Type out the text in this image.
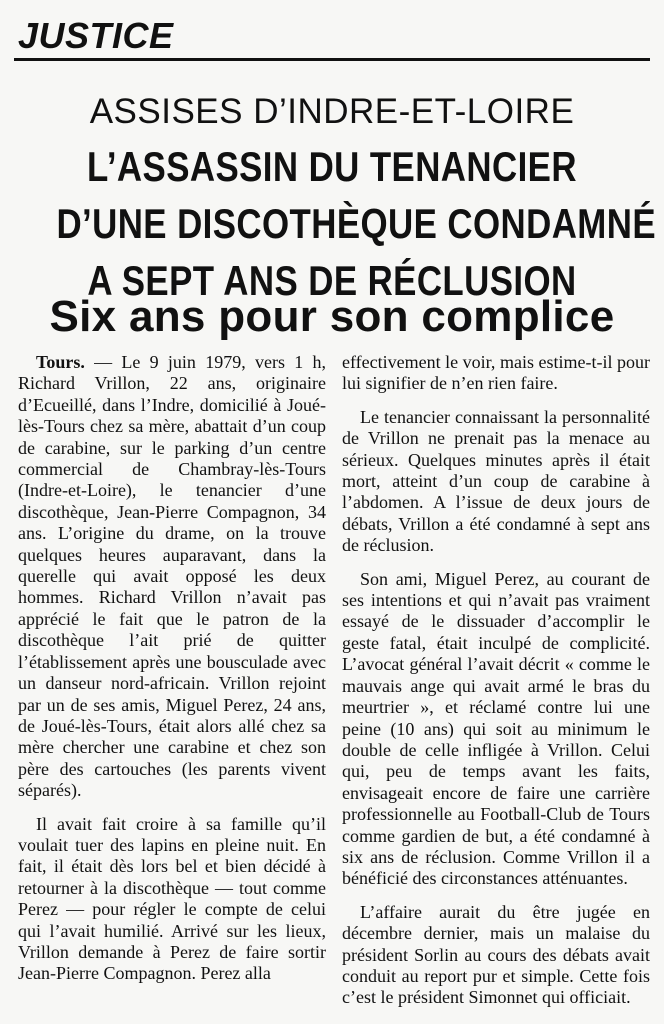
JUSTICE
ASSISES D’INDRE-ET-LOIRE
L’ASSASSIN DU TENANCIER
D’UNE DISCOTHÈQUE CONDAMNÉ
A SEPT ANS DE RÉCLUSION
Six ans pour son complice

Tours. — Le 9 juin 1979, vers 1 h, Richard Vrillon, 22 ans, originaire d’Ecueillé, dans l’Indre, domicilié à Joué-lès-Tours chez sa mère, abattait d’un coup de carabine, sur le parking d’un centre commercial de Chambray-lès-Tours (Indre-et-Loire), le tenancier d’une discothèque, Jean-Pierre Compagnon, 34 ans. L’origine du drame, on la trouve quelques heures auparavant, dans la querelle qui avait opposé les deux hommes. Richard Vrillon n’avait pas apprécié le fait que le patron de la discothèque l’ait prié de quitter l’établissement après une bousculade avec un danseur nord-africain. Vrillon rejoint par un de ses amis, Miguel Perez, 24 ans, de Joué-lès-Tours, était alors allé chez sa mère chercher une carabine et chez son père des cartouches (les parents vivent séparés).

Il avait fait croire à sa famille qu’il voulait tuer des lapins en pleine nuit. En fait, il était dès lors bel et bien décidé à retourner à la discothèque — tout comme Perez — pour régler le compte de celui qui l’avait humilié. Arrivé sur les lieux, Vrillon demande à Perez de faire sortir Jean-Pierre Compagnon. Perez alla

effectivement le voir, mais estime-t-il pour lui signifier de n’en rien faire.

Le tenancier connaissant la personnalité de Vrillon ne prenait pas la menace au sérieux. Quelques minutes après il était mort, atteint d’un coup de carabine à l’abdomen. A l’issue de deux jours de débats, Vrillon a été condamné à sept ans de réclusion.

Son ami, Miguel Perez, au courant de ses intentions et qui n’avait pas vraiment essayé de le dissuader d’accomplir le geste fatal, était inculpé de complicité. L’avocat général l’avait décrit « comme le mauvais ange qui avait armé le bras du meurtrier », et réclamé contre lui une peine (10 ans) qui soit au minimum le double de celle infligée à Vrillon. Celui qui, peu de temps avant les faits, envisageait encore de faire une carrière professionnelle au Football-Club de Tours comme gardien de but, a été condamné à six ans de réclusion. Comme Vrillon il a bénéficié des circonstances atténuantes.

L’affaire aurait du être jugée en décembre dernier, mais un malaise du président Sorlin au cours des débats avait conduit au report pur et simple. Cette fois c’est le président Simonnet qui officiait.
